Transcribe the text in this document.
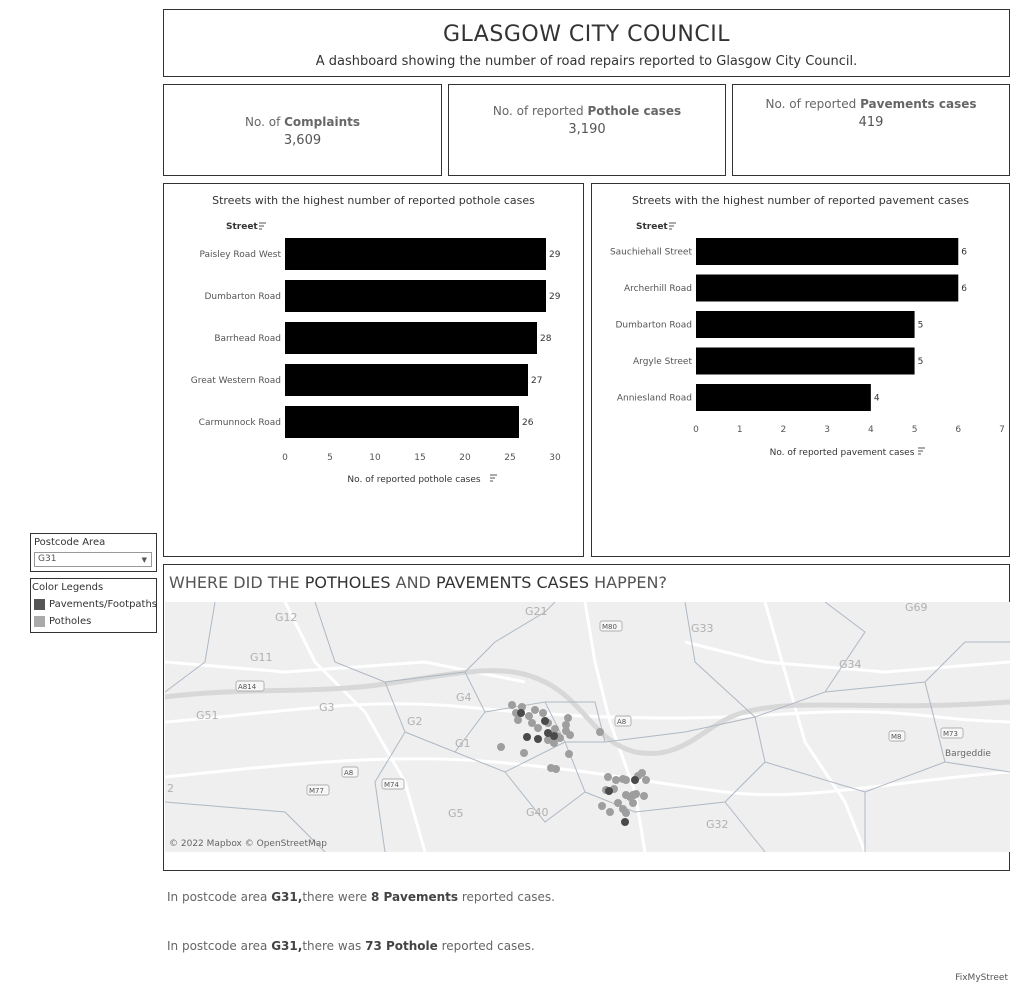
GLASGOW CITY COUNCIL
A dashboard showing the number of road repairs reported to Glasgow City Council.
No. of Complaints
3,609
No. of reported Pothole cases
3,190
No. of reported Pavements cases
419
Streets with the highest number of reported pothole cases
Street
Paisley Road West	29
Dumbarton Road	29
Barrhead Road	28
Great Western Road	27
Carmunnock Road	26
0	5	10	15	20	25	30
No. of reported pothole cases
Streets with the highest number of reported pavement cases
Street
Sauchiehall Street	6
Archerhill Road	6
Dumbarton Road	5
Argyle Street	5
Anniesland Road	4
0	1	2	3	4	5	6	7
No. of reported pavement cases
WHERE DID THE POTHOLES AND PAVEMENTS CASES HAPPEN?
G12	G21	G69
G33
G11
G34
G4
G3
G51	G2
G1
G5	G40
G32
Bargeddie
A814
A8
A8
M8	M73
M74
M77
M80
2
© 2022 Mapbox © OpenStreetMap
Postcode Area
G31	▼
Color Legends
Pavements/Footpaths
Potholes
In postcode area G31,there were 8 Pavements reported cases.
In postcode area G31,there was 73 Pothole reported cases.
FixMyStreet
